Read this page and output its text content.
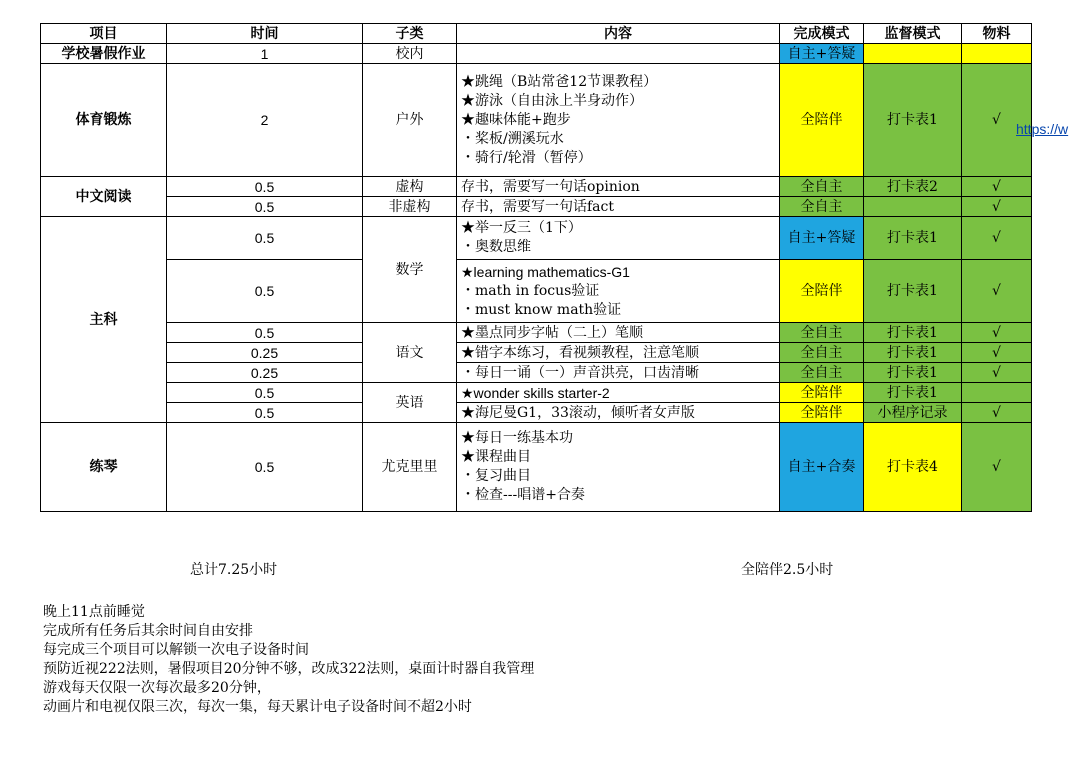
项目	时间	子类	内容	完成模式	监督模式	物料
学校暑假作业	1	校内		自主+答疑		
体育锻炼	2	户外	★跳绳（B站常爸12节课教程）
★游泳（自由泳上半身动作）
★趣味体能+跑步
・桨板/溯溪玩水
・骑行/轮滑（暂停）	全陪伴	打卡表1	√
中文阅读	0.5	虚构	存书，需要写一句话opinion	全自主	打卡表2	√
	0.5	非虚构	存书，需要写一句话fact	全自主		√
主科	0.5	数学	★举一反三（1下）
・奥数思维	自主+答疑	打卡表1	√
	0.5		★learning mathematics-G1
・math in focus验证
・must know math验证	全陪伴	打卡表1	√
	0.5	语文	★墨点同步字帖（二上）笔顺	全自主	打卡表1	√
	0.25		★错字本练习，看视频教程，注意笔顺	全自主	打卡表1	√
	0.25		・每日一诵（一）声音洪亮，口齿清晰	全自主	打卡表1	√
	0.5	英语	★wonder skills starter-2	全陪伴	打卡表1	
	0.5		★海尼曼G1，33滚动，倾听者女声版	全陪伴	小程序记录	√
练琴	0.5	尤克里里	★每日一练基本功
★课程曲目
・复习曲目
・检查---唱谱+合奏	自主+合奏	打卡表4	√
https://w
总计7.25小时	全陪伴2.5小时
晚上11点前睡觉
完成所有任务后其余时间自由安排
每完成三个项目可以解锁一次电子设备时间
预防近视222法则，暑假项目20分钟不够，改成322法则，桌面计时器自我管理
游戏每天仅限一次每次最多20分钟，
动画片和电视仅限三次，每次一集，每天累计电子设备时间不超2小时
